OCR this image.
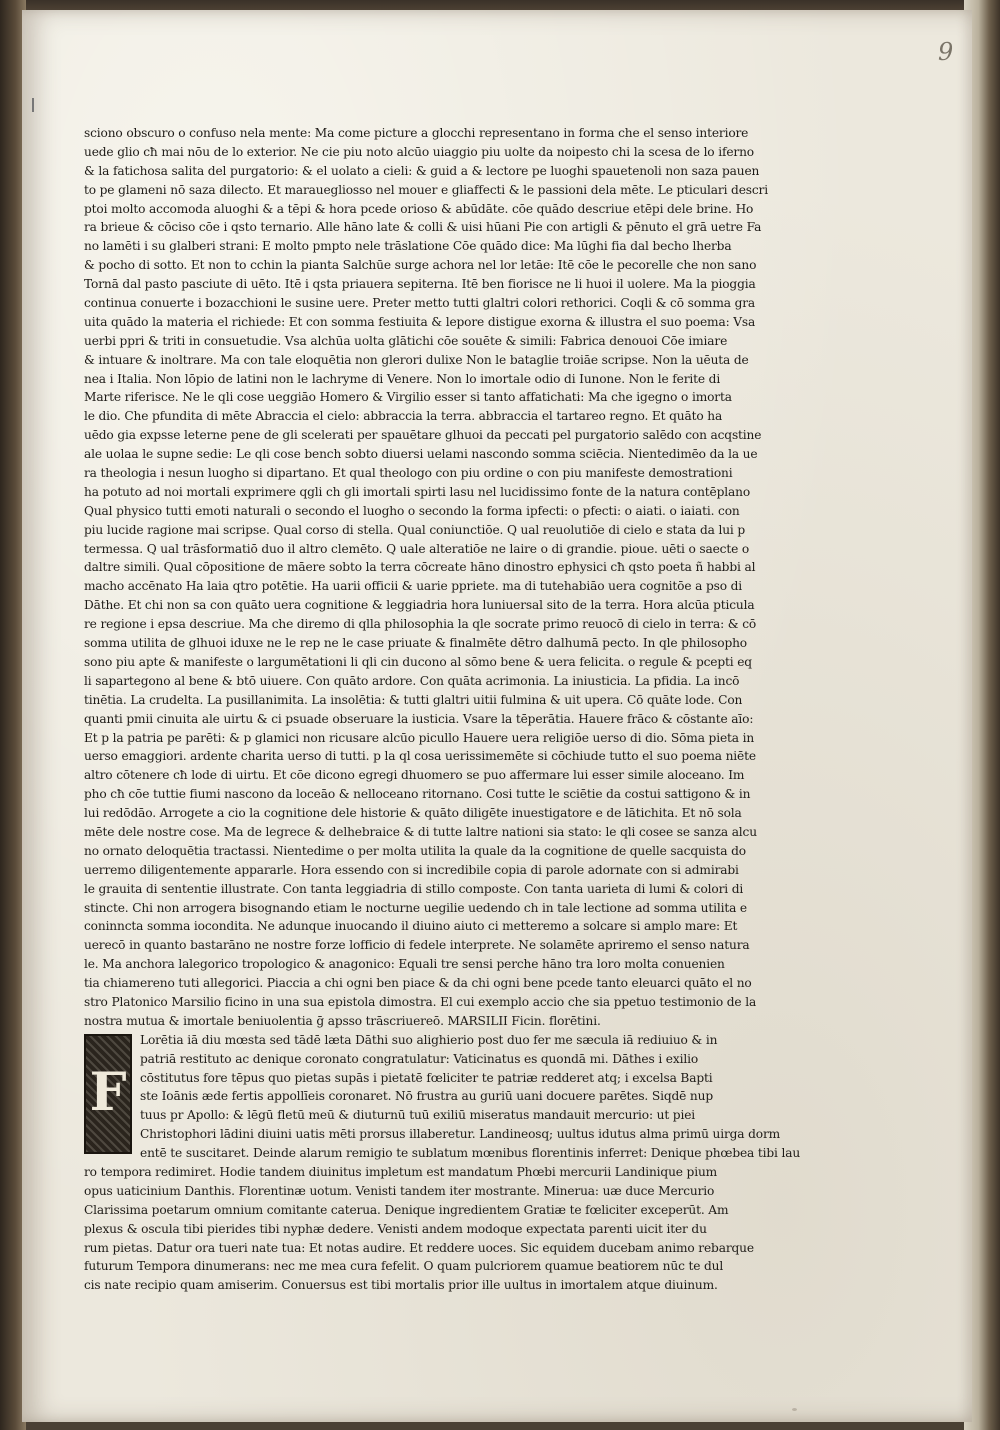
9

sciono obscuro o confuso nela mente: Ma come picture a glocchi representano in forma che el senso interiore
uede glio cħ mai nōu de lo exterior. Ne cie piu noto alcūo uiaggio piu uolte da noipesto chi la scesa de lo iferno
& la fatichosa salita del purgatorio: & el uolato a cieli: & guid a & lectore pe luoghi spauetenoli non saza pauen
to pe glameni nō saza dilecto. Et marauegliosso nel mouer e gliaffecti & le passioni dela mēte. Le pticulari descri
ptoi molto accomoda aluoghi & a tēpi & hora pcede orioso & abūdāte. cōe quādo descriue etēpi dele brine. Ho
ra brieue & cōciso cōe i qsto ternario. Alle hāno late & colli & uisi hūani Pie con artigli & pēnuto el grā uetre Fa
no lamēti i su glalberi strani: E molto pmpto nele trāslatione Cōe quādo dice: Ma lūghi fia dal becho lherba
& pocho di sotto. Et non to cchin la pianta Salchūe surge achora nel lor letāe: Itē cōe le pecorelle che non sano
Tornā dal pasto pasciute di uēto. Itē i qsta priauera sepiterna. Itē ben fiorisce ne li huoi il uolere. Ma la pioggia
continua conuerte i bozacchioni le susine uere. Preter metto tutti glaltri colori rethorici. Coqli & cō somma gra
uita quādo la materia el richiede: Et con somma festiuita & lepore distigue exorna & illustra el suo poema: Vsa
uerbi ppri & triti in consuetudie. Vsa alchūa uolta glātichi cōe souēte & simili: Fabrica denouoi Cōe imiare
& intuare & inoltrare. Ma con tale eloquētia non glerori dulixe Non le bataglie troiāe scripse. Non la uēuta de
nea i Italia. Non lōpio de latini non le lachryme di Venere. Non lo imortale odio di Iunone. Non le ferite di
Marte riferisce. Ne le qli cose ueggiāo Homero & Virgilio esser si tanto affatichati: Ma che igegno o imorta
le dio. Che pfundita di mēte Abraccia el cielo: abbraccia la terra. abbraccia el tartareo regno. Et quāto ha
uēdo gia expsse leterne pene de gli scelerati per spauētare glhuoi da peccati pel purgatorio salēdo con acqstine
ale uolaa le supne sedie: Le qli cose bench sobto diuersi uelami nascondo somma sciēcia. Nientedimēo da la ue
ra theologia i nesun luogho si dipartano. Et qual theologo con piu ordine o con piu manifeste demostrationi
ha potuto ad noi mortali exprimere qgli ch gli imortali spirti lasu nel lucidissimo fonte de la natura contēplano
Qual physico tutti emoti naturali o secondo el luogho o secondo la forma ipfecti: o pfecti: o aiati. o iaiati. con
piu lucide ragione mai scripse. Qual corso di stella. Qual coniunctiōe. Q ual reuolutiōe di cielo e stata da lui p
termessa. Q ual trāsformatiō duo il altro clemēto. Q uale alteratiōe ne laire o di grandie. pioue. uēti o saecte o
daltre simili. Qual cōpositione de māere sobto la terra cōcreate hāno dinostro ephysici cħ qsto poeta ñ habbi al
macho accēnato Ha laia qtro potētie. Ha uarii officii & uarie ppriete. ma di tutehabiāo uera cognitōe a pso di
Dāthe. Et chi non sa con quāto uera cognitione & leggiadria hora luniuersal sito de la terra. Hora alcūa pticula
re regione i epsa descriue. Ma che diremo di qlla philosophia la qle socrate primo reuocō di cielo in terra: & cō
somma utilita de glhuoi iduxe ne le rep ne le case priuate & finalmēte dētro dalhumā pecto. In qle philosopho
sono piu apte & manifeste o largumētationi li qli cin ducono al sōmo bene & uera felicita. o regule & pcepti eq
li sapartegono al bene & btō uiuere. Con quāto ardore. Con quāta acrimonia. La iniusticia. La pfidia. La incō
tinētia. La crudelta. La pusillanimita. La insolētia: & tutti glaltri uitii fulmina & uit upera. Cō quāte lode. Con
quanti pmii cinuita ale uirtu & ci psuade obseruare la iusticia. Vsare la tēperātia. Hauere frāco & cōstante aīo:
Et p la patria pe parēti: & p glamici non ricusare alcūo picullo Hauere uera religiōe uerso di dio. Sōma pieta in
uerso emaggiori. ardente charita uerso di tutti. p la ql cosa uerissimemēte si cōchiude tutto el suo poema niēte
altro cōtenere cħ lode di uirtu. Et cōe dicono egregi dhuomero se puo affermare lui esser simile aloceano. Im
pho cħ cōe tuttie fiumi nascono da loceāo & nelloceano ritornano. Cosi tutte le sciētie da costui sattigono & in
lui redōdāo. Arrogete a cio la cognitione dele historie & quāto diligēte inuestigatore e de lātichita. Et nō sola
mēte dele nostre cose. Ma de legrece & delhebraice & di tutte laltre nationi sia stato: le qli cosee se sanza alcu
no ornato deloquētia tractassi. Nientedime o per molta utilita la quale da la cognitione de quelle sacquista do
uerremo diligentemente appararle. Hora essendo con si incredibile copia di parole adornate con si admirabi
le grauita di sententie illustrate. Con tanta leggiadria di stillo composte. Con tanta uarieta di lumi & colori di
stincte. Chi non arrogera bisognando etiam le nocturne uegilie uedendo ch in tale lectione ad somma utilita e
coninncta somma iocondita. Ne adunque inuocando il diuino aiuto ci metteremo a solcare si amplo mare: Et
uerecō in quanto bastarāno ne nostre forze lofficio di fedele interprete. Ne solamēte apriremo el senso natura
le. Ma anchora lalegorico tropologico & anagonico: Equali tre sensi perche hāno tra loro molta conuenien
tia chiamereno tuti allegorici. Piaccia a chi ogni ben piace & da chi ogni bene pcede tanto eleuarci quāto el no
stro Platonico Marsilio ficino in una sua epistola dimostra. El cui exemplo accio che sia ppetuo testimonio de la
nostra mutua & imortale beniuolentia ḡ apsso trāscriuereō. MARSILII Ficin. florētini.
F
Lorētia iā diu mœsta sed tādē læta Dāthi suo alighierio post duo fer me sæcula iā rediuiuo & in
patriā restituto ac denique coronato congratulatur: Vaticinatus es quondā mi. Dāthes i exilio
cōstitutus fore tēpus quo pietas supās i pietatē fœliciter te patriæ redderet atq; i excelsa Bapti
ste Ioānis æde fertis appollīeis coronaret. Nō frustra au guriū uani docuere parētes. Siqdē nup
tuus pr Apollo: & lēgū fletū meū & diuturnū tuū exiliū miseratus mandauit mercurio: ut piei
Christophori lādini diuini uatis mēti prorsus illaberetur. Landineosq; uultus idutus alma primū uirga dorm
entē te suscitaret. Deinde alarum remigio te sublatum mœnibus florentinis inferret: Denique phœbea tibi lau
ro tempora redimiret. Hodie tandem diuinitus impletum est mandatum Phœbi mercurii Landinique pium
opus uaticinium Danthis. Florentinæ uotum. Venisti tandem iter mostrante. Minerua: uæ duce Mercurio
Clarissima poetarum omnium comitante caterua. Denique ingredientem Gratiæ te fœliciter exceperūt. Am
plexus & oscula tibi pierides tibi nyphæ dedere. Venisti andem modoque expectata parenti uicit iter du
rum pietas. Datur ora tueri nate tua: Et notas audire. Et reddere uoces. Sic equidem ducebam animo rebarque
futurum Tempora dinumerans: nec me mea cura fefelit. O quam pulcriorem quamue beatiorem nūc te dul
cis nate recipio quam amiserim. Conuersus est tibi mortalis prior ille uultus in imortalem atque diuinum.
